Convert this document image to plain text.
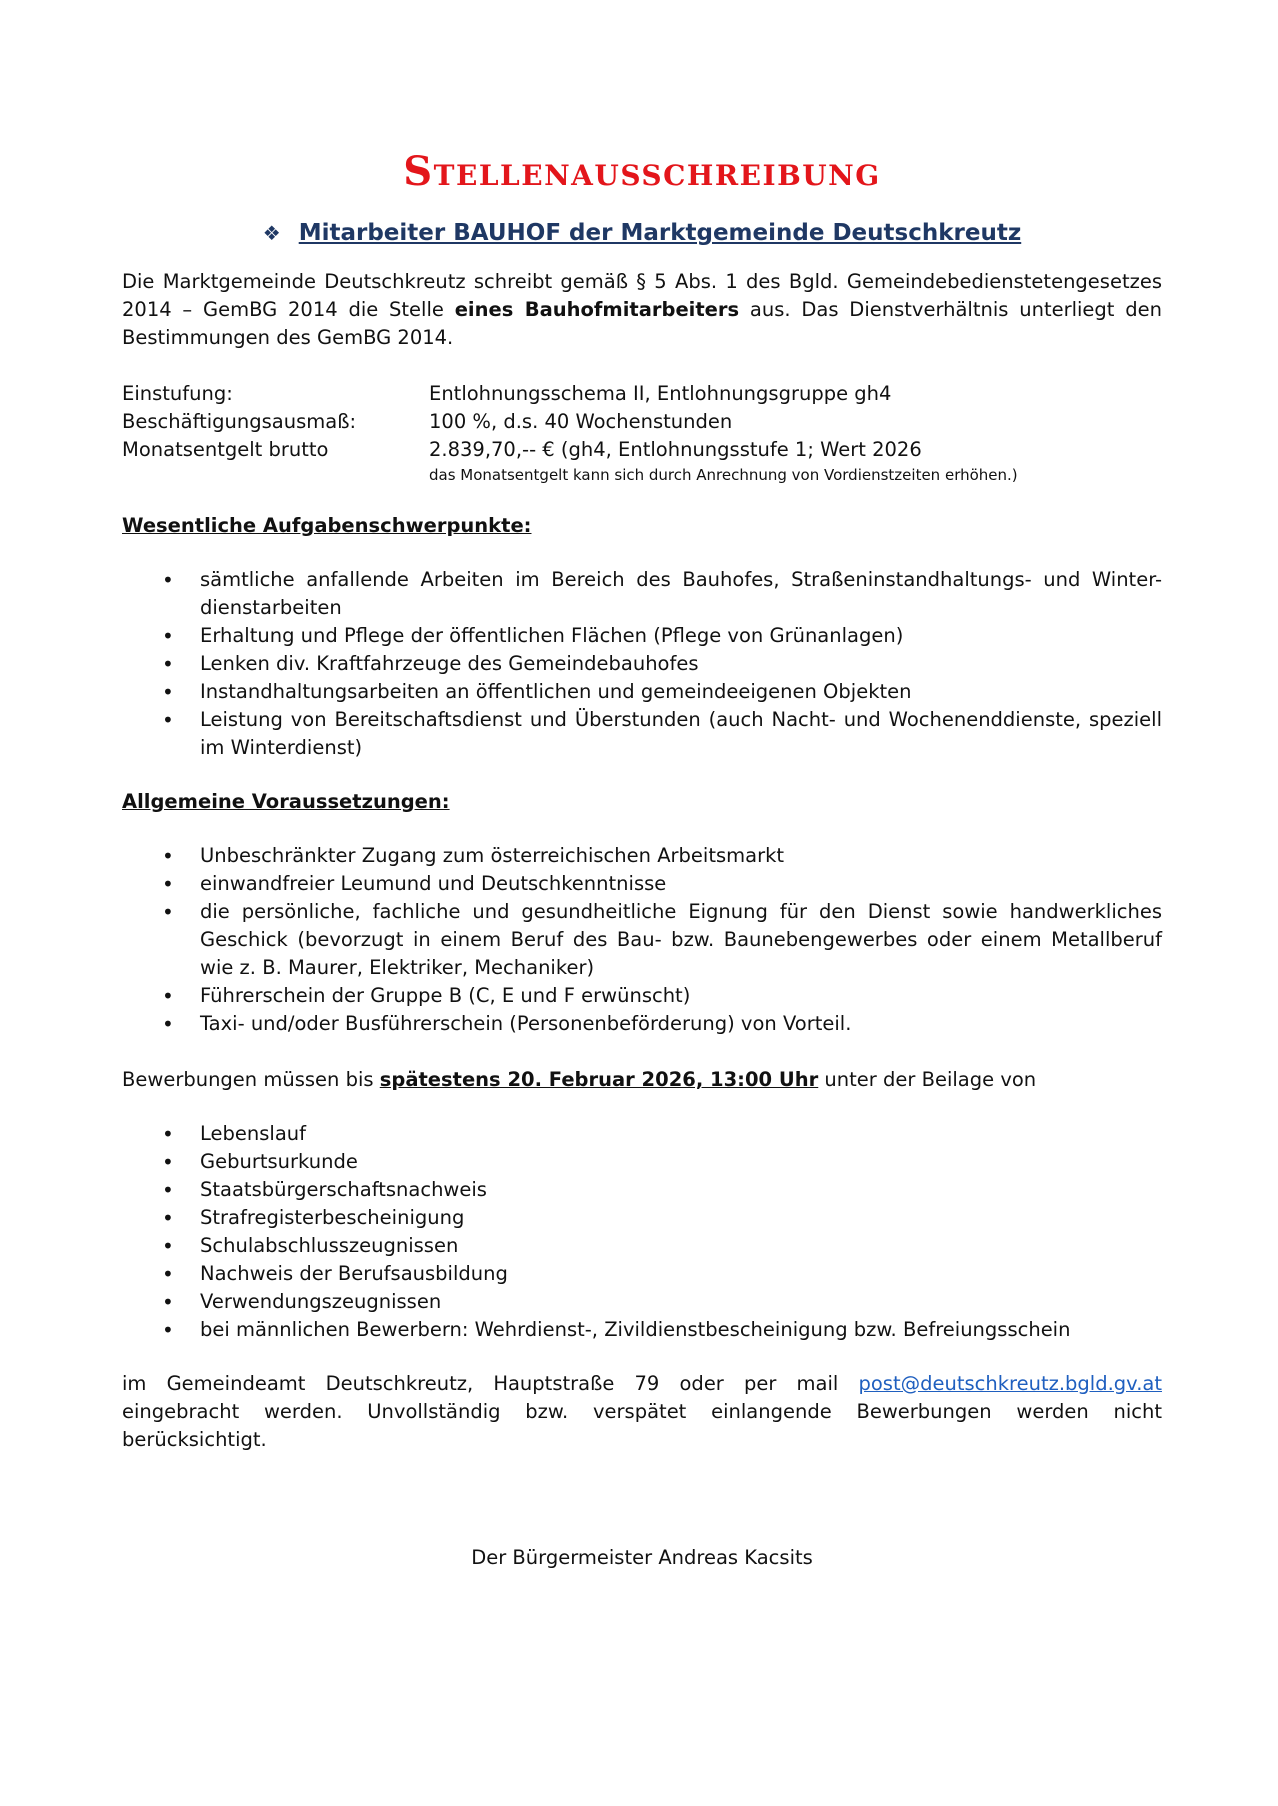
Stellenausschreibung
❖ Mitarbeiter BAUHOF der Marktgemeinde Deutschkreutz

Die Marktgemeinde Deutschkreutz schreibt gemäß § 5 Abs. 1 des Bgld. Gemeindebedienstetengesetzes 2014 – GemBG 2014 die Stelle eines Bauhofmitarbeiters aus. Das Dienstverhältnis unterliegt den Bestimmungen des GemBG 2014.

Einstufung:	Entlohnungsschema II, Entlohnungsgruppe gh4
Beschäftigungsausmaß:	100 %, d.s. 40 Wochenstunden
Monatsentgelt brutto	2.839,70,-- € (gh4, Entlohnungsstufe 1; Wert 2026
das Monatsentgelt kann sich durch Anrechnung von Vordienstzeiten erhöhen.)
Wesentliche Aufgabenschwerpunkte:
• sämtliche anfallende Arbeiten im Bereich des Bauhofes, Straßeninstandhaltungs- und Winter-dienstarbeiten
• Erhaltung und Pflege der öffentlichen Flächen (Pflege von Grünanlagen)
• Lenken div. Kraftfahrzeuge des Gemeindebauhofes
• Instandhaltungsarbeiten an öffentlichen und gemeindeeigenen Objekten
• Leistung von Bereitschaftsdienst und Überstunden (auch Nacht- und Wochenenddienste, speziell im Winterdienst)
Allgemeine Voraussetzungen:
• Unbeschränkter Zugang zum österreichischen Arbeitsmarkt
• einwandfreier Leumund und Deutschkenntnisse
• die persönliche, fachliche und gesundheitliche Eignung für den Dienst sowie handwerkliches Geschick (bevorzugt in einem Beruf des Bau- bzw. Baunebengewerbes oder einem Metallberuf wie z. B. Maurer, Elektriker, Mechaniker)
• Führerschein der Gruppe B (C, E und F erwünscht)
• Taxi- und/oder Busführerschein (Personenbeförderung) von Vorteil.

Bewerbungen müssen bis spätestens 20. Februar 2026, 13:00 Uhr unter der Beilage von

• Lebenslauf
• Geburtsurkunde
• Staatsbürgerschaftsnachweis
• Strafregisterbescheinigung
• Schulabschlusszeugnissen
• Nachweis der Berufsausbildung
• Verwendungszeugnissen
• bei männlichen Bewerbern: Wehrdienst-, Zivildienstbescheinigung bzw. Befreiungsschein

im Gemeindeamt Deutschkreutz, Hauptstraße 79 oder per mail post@deutschkreutz.bgld.gv.at eingebracht werden. Unvollständig bzw. verspätet einlangende Bewerbungen werden nicht berücksichtigt.

Der Bürgermeister Andreas Kacsits
